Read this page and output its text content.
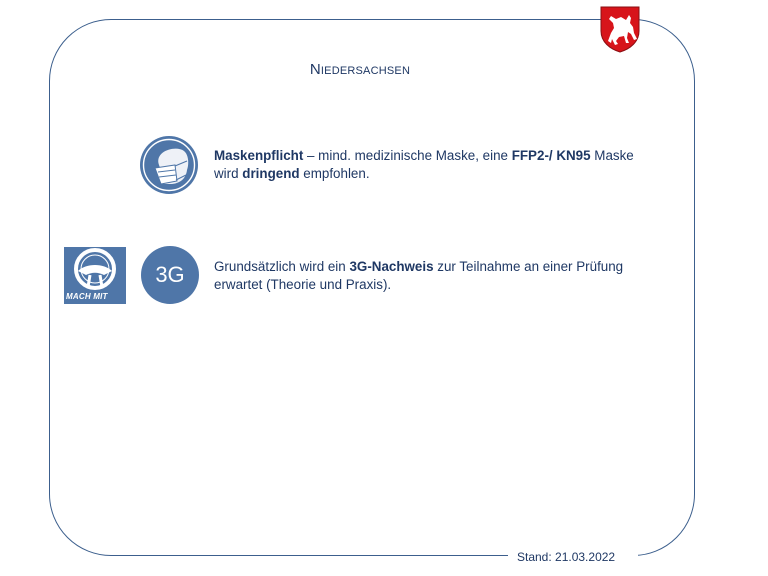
Stand: 21.03.2022
Niedersachsen
MACH MIT
3G
Maskenpflicht – mind. medizinische Maske, eine FFP2-/ KN95 Maske wird dringend empfohlen.
Grundsätzlich wird ein 3G-Nachweis zur Teilnahme an einer Prüfung erwartet (Theorie und Praxis).
